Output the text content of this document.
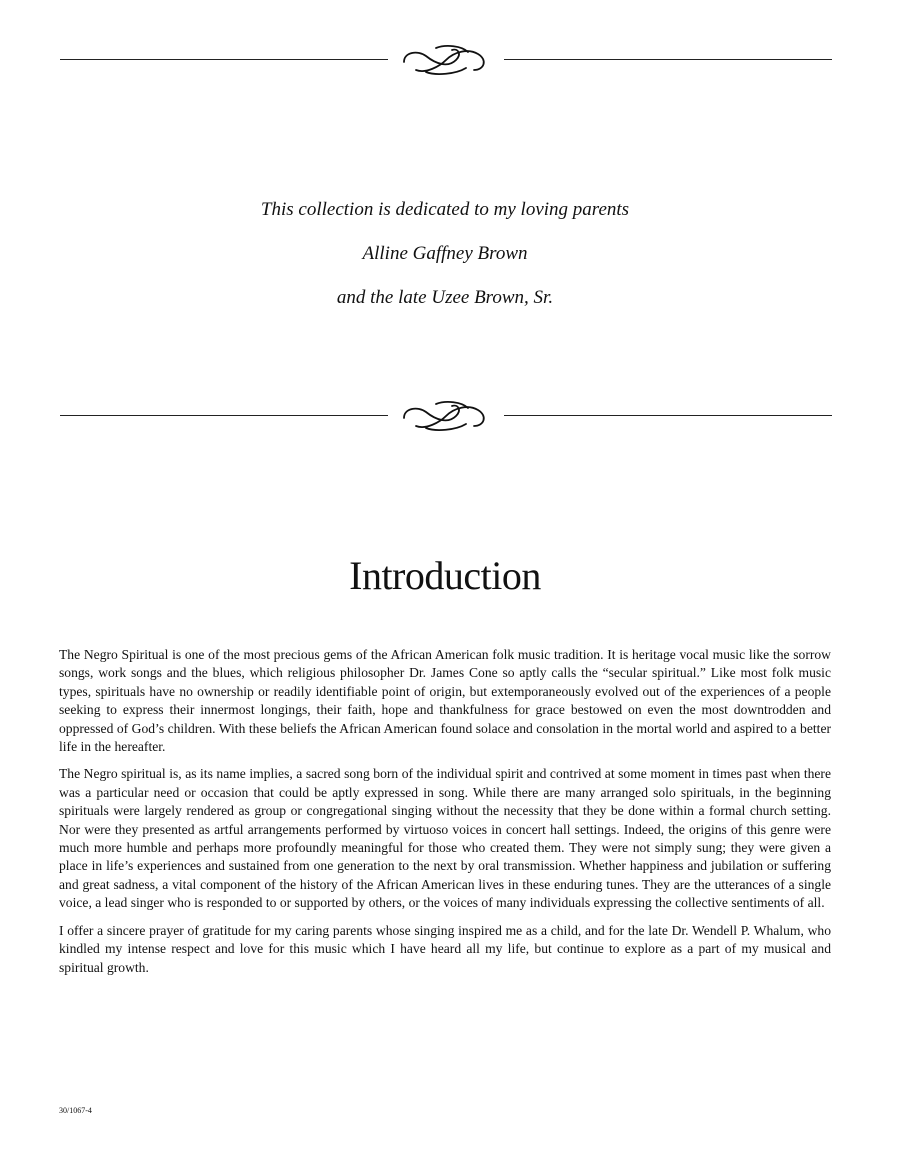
This collection is dedicated to my loving parents
Alline Gaffney Brown
and the late Uzee Brown, Sr.
Introduction

The Negro Spiritual is one of the most precious gems of the African American folk music tradition. It is heritage vocal music like the sorrow songs, work songs and the blues, which religious philosopher Dr. James Cone so aptly calls the “secular spiritual.” Like most folk music types, spirituals have no ownership or readily identifiable point of origin, but extemporaneously evolved out of the experiences of a people seeking to express their innermost longings, their faith, hope and thankfulness for grace bestowed on even the most downtrodden and oppressed of God’s children. With these beliefs the African American found solace and consolation in the mortal world and aspired to a better life in the hereafter.

The Negro spiritual is, as its name implies, a sacred song born of the individual spirit and contrived at some moment in times past when there was a particular need or occasion that could be aptly expressed in song. While there are many arranged solo spirituals, in the beginning spirituals were largely rendered as group or congregational singing without the necessity that they be done within a formal church setting. Nor were they presented as artful arrangements performed by virtuoso voices in concert hall settings. Indeed, the origins of this genre were much more humble and perhaps more profoundly meaningful for those who created them. They were not simply sung; they were given a place in life’s experiences and sustained from one generation to the next by oral transmission. Whether happiness and jubilation or suffering and great sadness, a vital component of the history of the African American lives in these enduring tunes. They are the utterances of a single voice, a lead singer who is responded to or supported by others, or the voices of many individuals expressing the collective sentiments of all.

I offer a sincere prayer of gratitude for my caring parents whose singing inspired me as a child, and for the late Dr. Wendell P. Whalum, who kindled my intense respect and love for this music which I have heard all my life, but continue to explore as a part of my musical and spiritual growth.

30/1067-4
